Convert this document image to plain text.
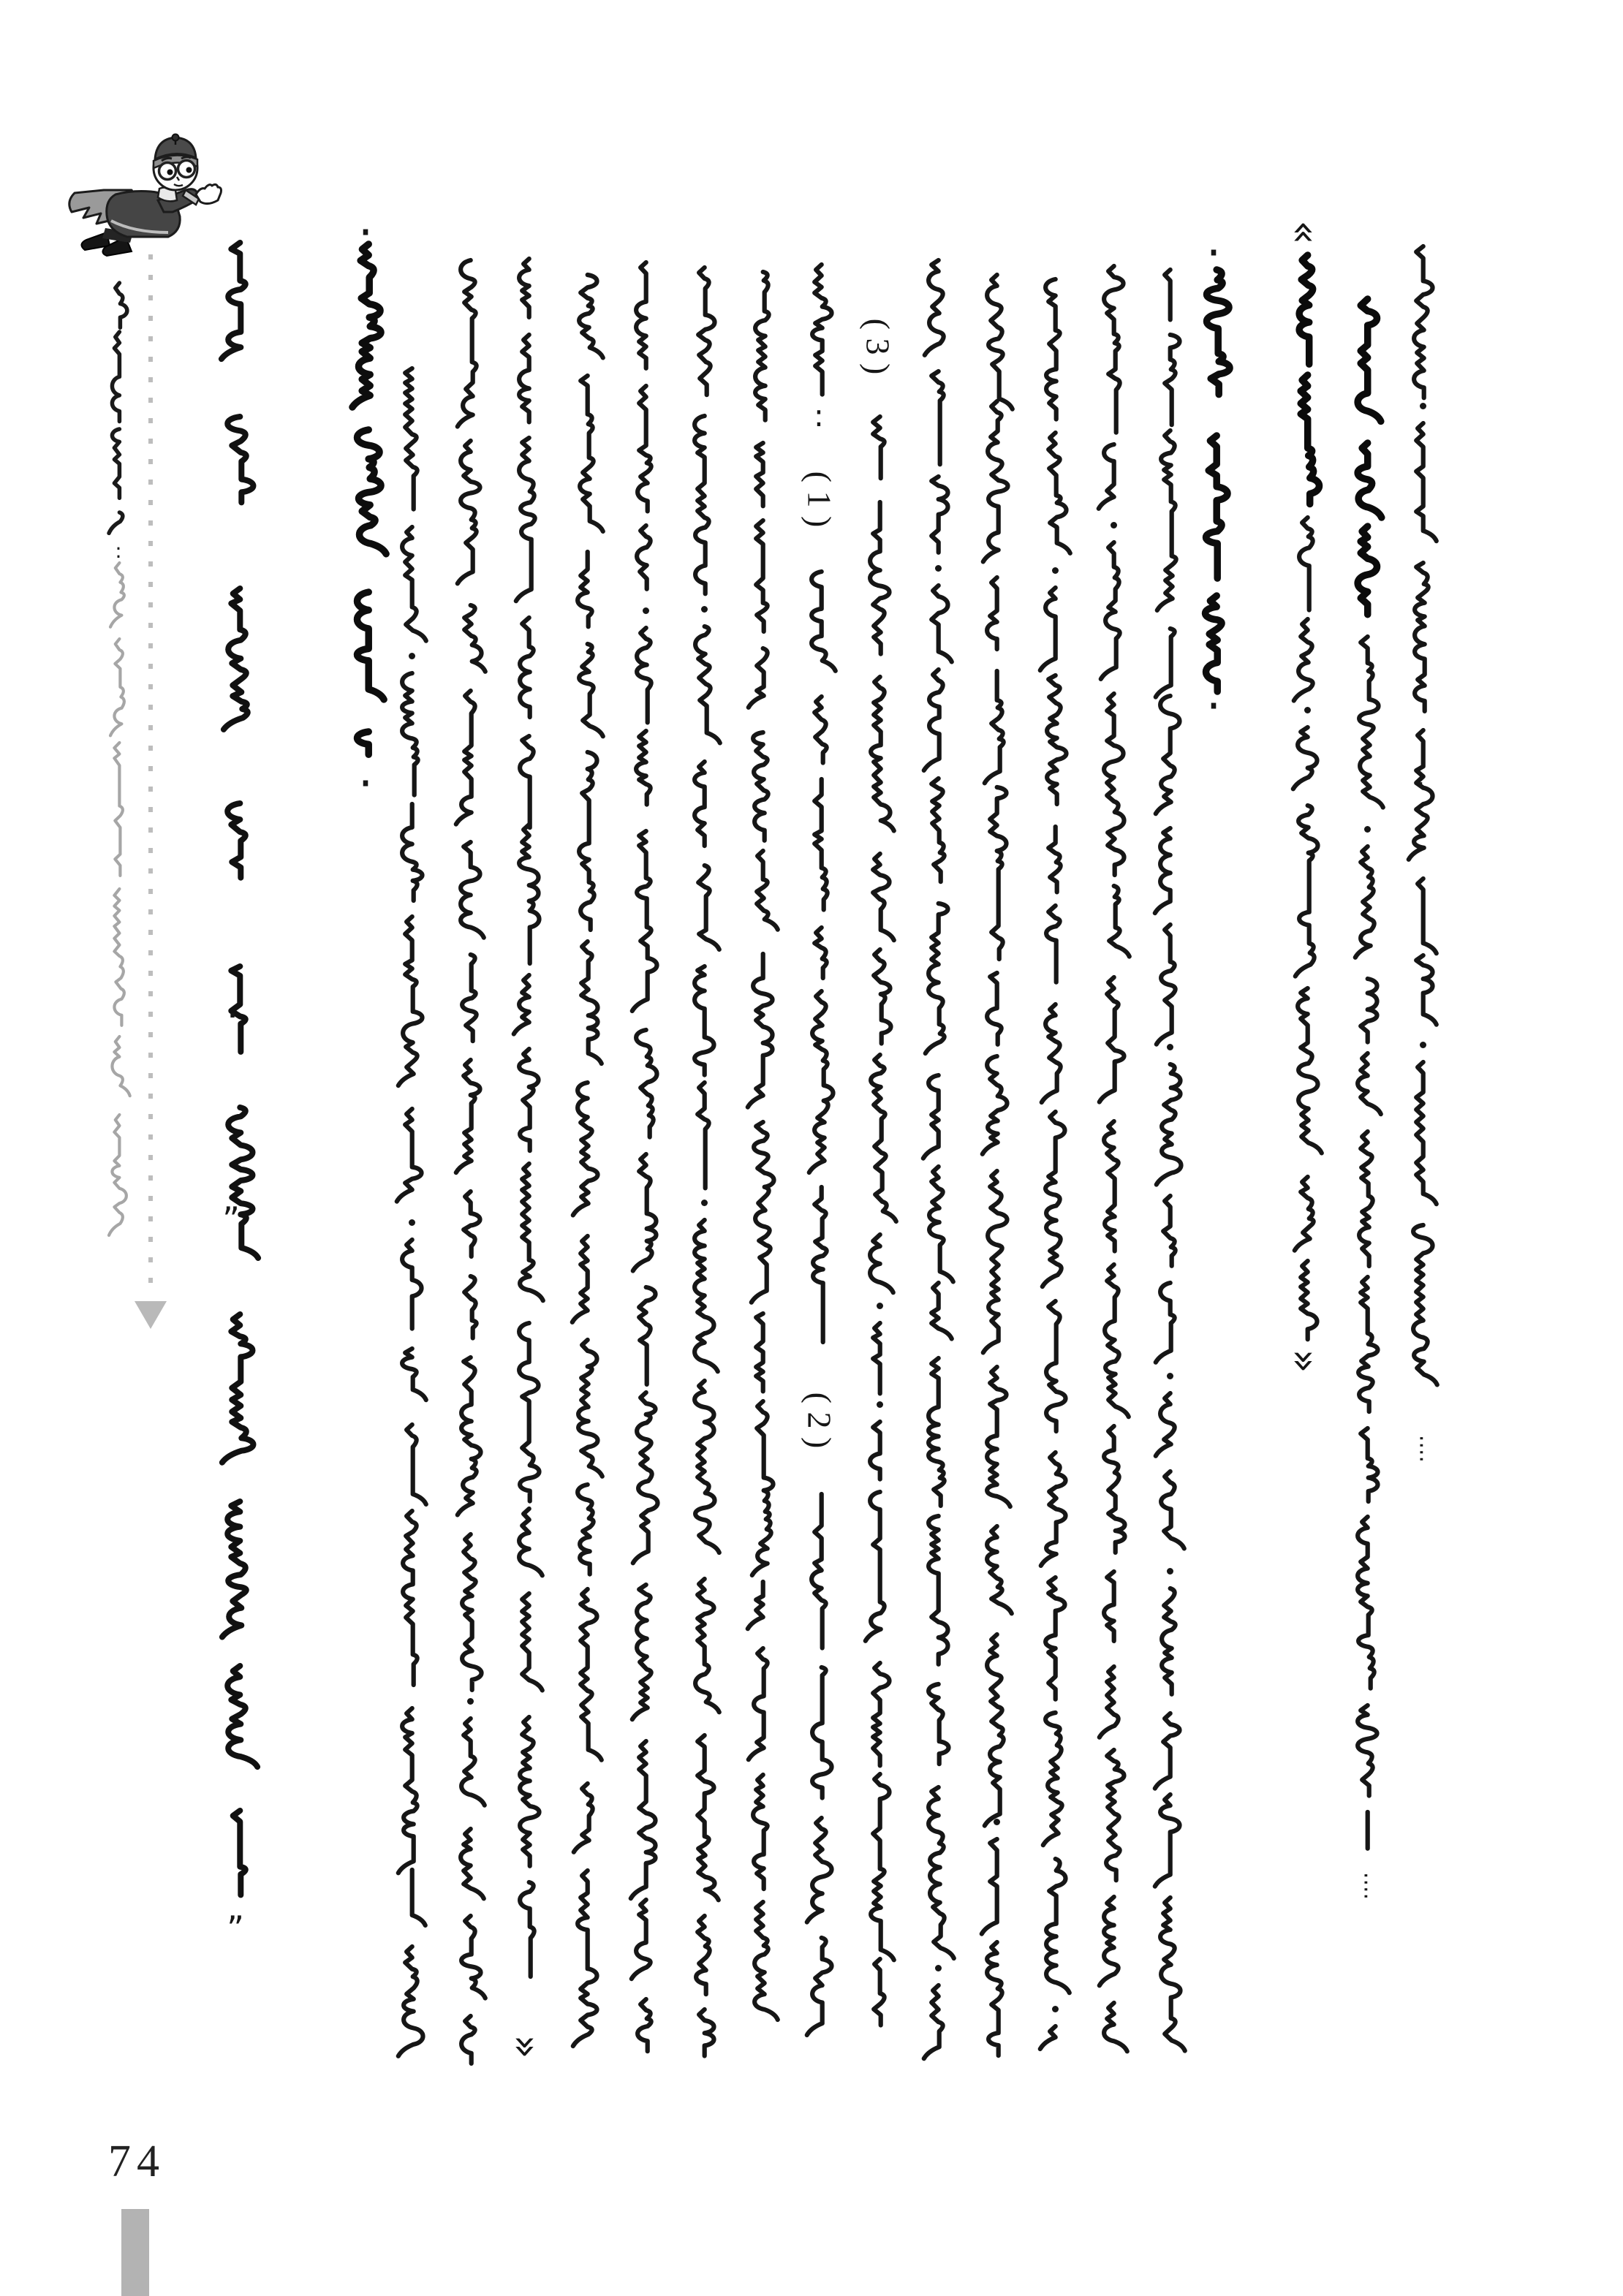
·
·
·
·
:
:
( 1 )
( 2 )
( 3 )
«
»
»
·
”
”
····
····
·
74
